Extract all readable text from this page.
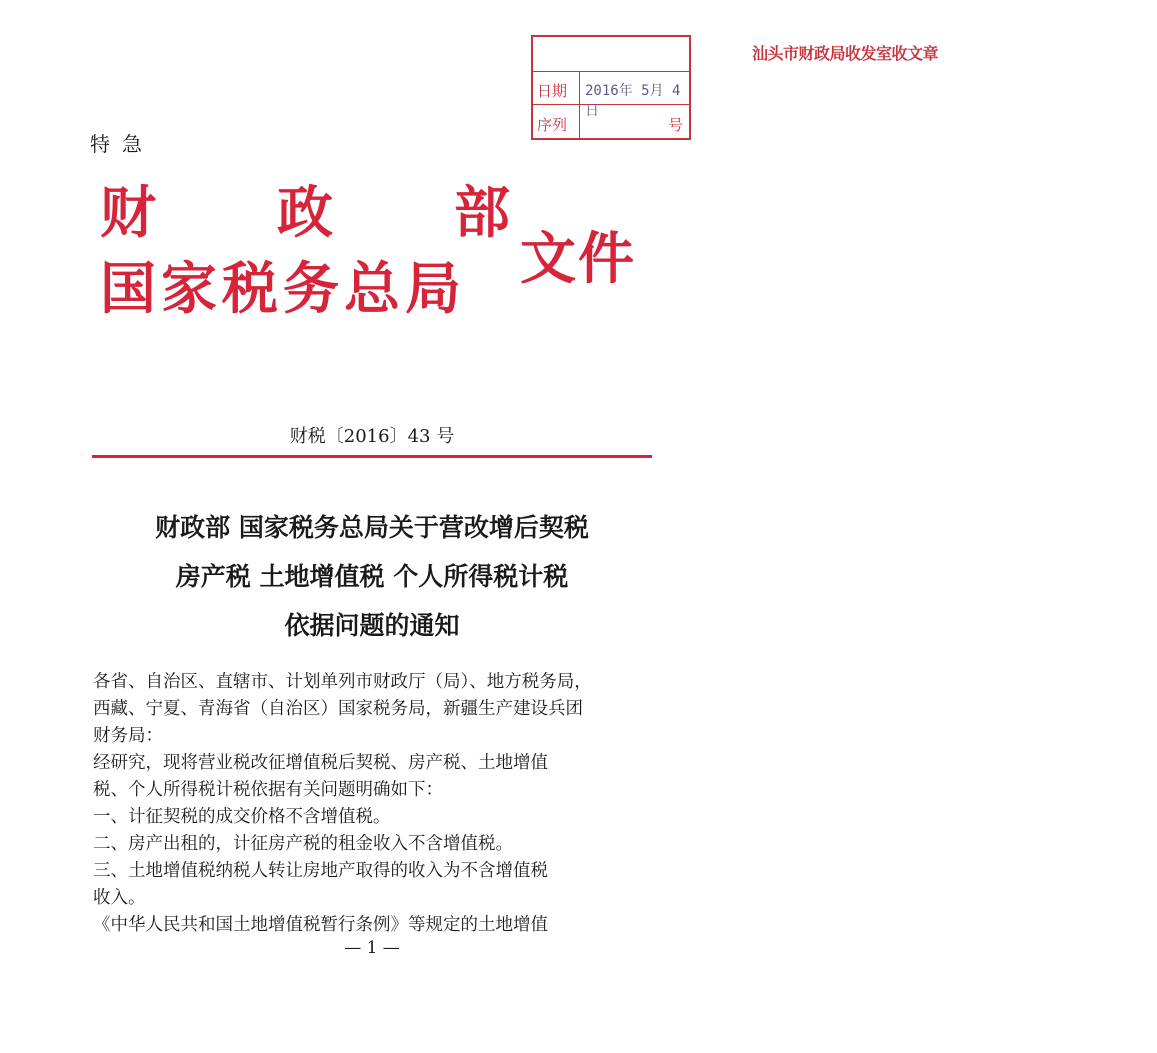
汕头市财政局收发室收文章
日期	2016年 5月 4 日
序列	号
特急
财 政 部
国家税务总局 文件
财税〔2016〕43 号
财政部 国家税务总局关于营改增后契税
房产税 土地增值税 个人所得税计税
依据问题的通知
各省、自治区、直辖市、计划单列市财政厅（局）、地方税务局，
西藏、宁夏、青海省（自治区）国家税务局，新疆生产建设兵团
财务局：
经研究，现将营业税改征增值税后契税、房产税、土地增值
税、个人所得税计税依据有关问题明确如下：
一、计征契税的成交价格不含增值税。
二、房产出租的，计征房产税的租金收入不含增值税。
三、土地增值税纳税人转让房地产取得的收入为不含增值税
收入。
《中华人民共和国土地增值税暂行条例》等规定的土地增值
— 1 —
